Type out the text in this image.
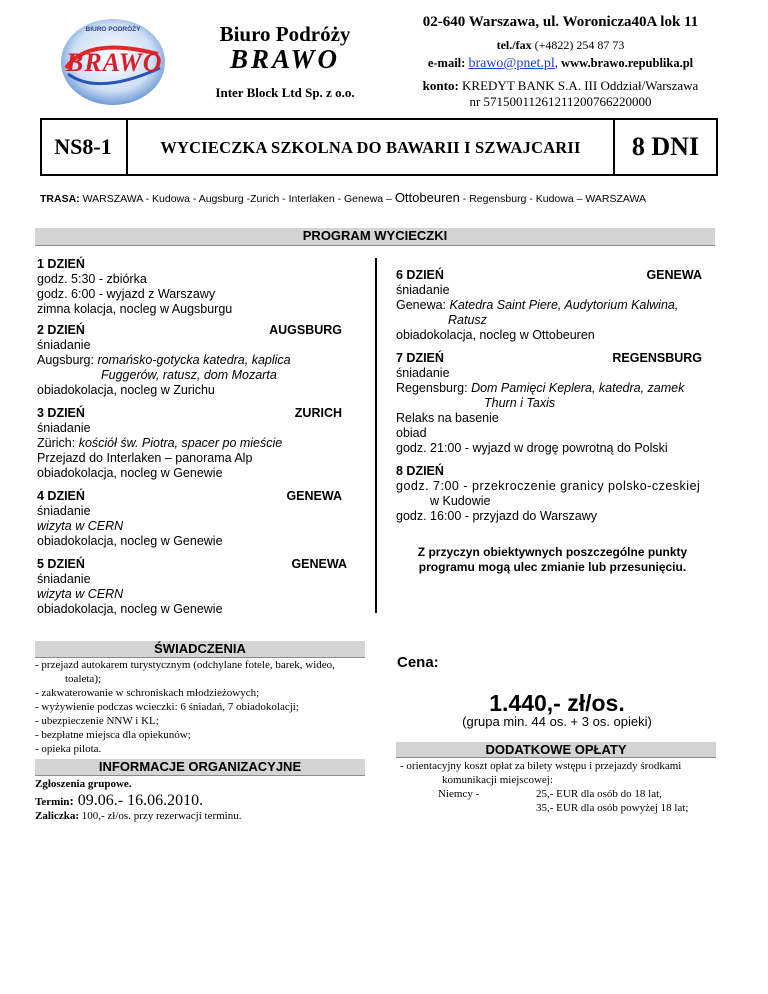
BIURO PODRÓŻY
BRAWO
Biuro Podróży
BRAWO
Inter Block Ltd Sp. z o.o.
02-640 Warszawa, ul. Woronicza40A lok 11
tel./fax (+4822) 254 87 73
e-mail: brawo@pnet.pl, www.brawo.republika.pl
konto: KREDYT BANK S.A. III Oddział/Warszawa
nr 57150011261211200766220000
NS8-1	WYCIECZKA SZKOLNA DO BAWARII I SZWAJCARII	8 DNI
TRASA: WARSZAWA - Kudowa - Augsburg -Zurich - Interlaken - Genewa – Ottobeuren - Regensburg - Kudowa – WARSZAWA
PROGRAM WYCIECZKI
1 DZIEŃ
godz. 5:30 - zbiórka
godz. 6:00 - wyjazd z Warszawy
zimna kolacja, nocleg w Augsburgu
2 DZIEŃ	AUGSBURG
śniadanie
Augsburg: romańsko-gotycka katedra, kaplica
Fuggerów, ratusz, dom Mozarta
obiadokolacja, nocleg w Zurichu
3 DZIEŃ	ZURICH
śniadanie
Zürich: kościół św. Piotra, spacer po mieście
Przejazd do Interlaken – panorama Alp
obiadokolacja, nocleg w Genewie
4 DZIEŃ	GENEWA
śniadanie
wizyta w CERN
obiadokolacja, nocleg w Genewie
5 DZIEŃ	GENEWA
śniadanie
wizyta w CERN
obiadokolacja, nocleg w Genewie
6 DZIEŃ	GENEWA
śniadanie
Genewa: Katedra Saint Piere, Audytorium Kalwina,
Ratusz
obiadokolacja, nocleg w Ottobeuren
7 DZIEŃ	REGENSBURG
śniadanie
Regensburg: Dom Pamięci Keplera, katedra, zamek
Thurn i Taxis
Relaks na basenie
obiad
godz. 21:00 - wyjazd w drogę powrotną do Polski
8 DZIEŃ
godz. 7:00 - przekroczenie granicy polsko-czeskiej
w Kudowie
godz. 16:00 - przyjazd do Warszawy
Z przyczyn obiektywnych poszczególne punkty programu mogą ulec zmianie lub przesunięciu.
ŚWIADCZENIA
- przejazd autokarem turystycznym (odchylane fotele, barek, wideo,
toaleta);
- zakwaterowanie w schroniskach młodzieżowych;
- wyżywienie podczas wcieczki: 6 śniadań, 7 obiadokolacji;
- ubezpieczenie NNW i KL;
- bezpłatne miejsca dla opiekunów;
- opieka pilota.
INFORMACJE ORGANIZACYJNE
Zgłoszenia grupowe.
Termin: 09.06.- 16.06.2010.
Zaliczka: 100,- zł/os. przy rezerwacji terminu.
Cena:
1.440,- zł/os.
(grupa min. 44 os. + 3 os. opieki)
DODATKOWE OPŁATY
- orientacyjny koszt opłat za bilety wstępu i przejazdy środkami
komunikacji miejscowej:
Niemcy -	25,- EUR dla osób do 18 lat,
35,- EUR dla osób powyżej 18 lat;
